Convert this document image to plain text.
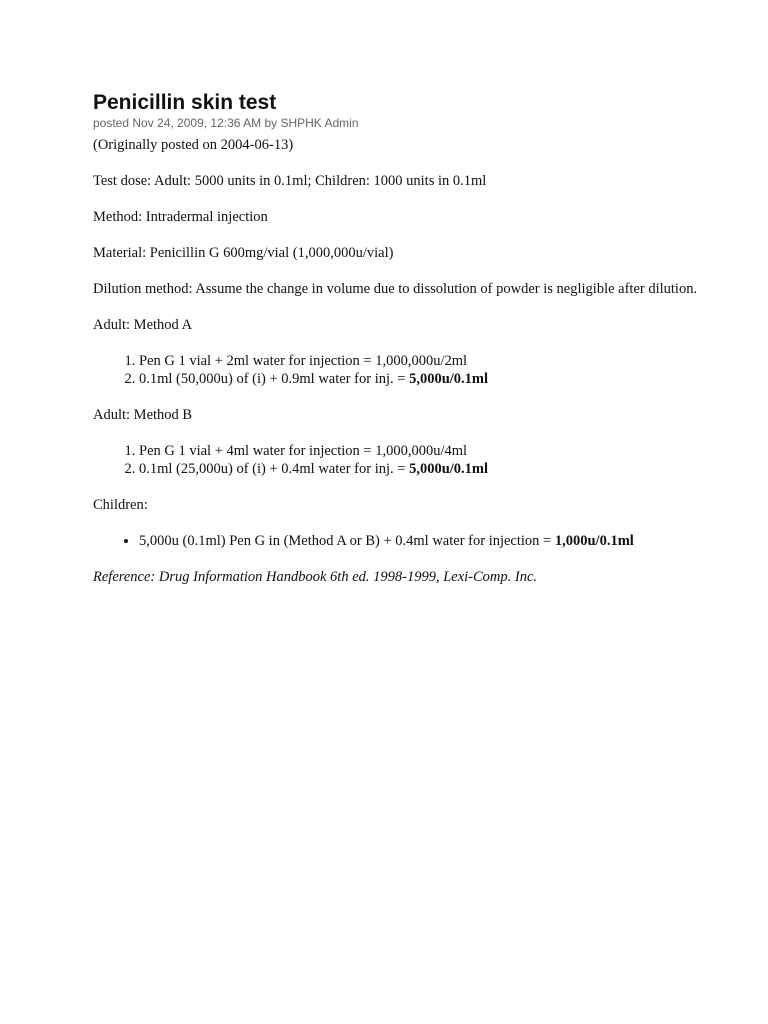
Penicillin skin test
posted Nov 24, 2009, 12:36 AM by SHPHK Admin

(Originally posted on 2004-06-13)

Test dose: Adult: 5000 units in 0.1ml; Children: 1000 units in 0.1ml

Method: Intradermal injection

Material: Penicillin G 600mg/vial (1,000,000u/vial)

Dilution method: Assume the change in volume due to dissolution of powder is negligible after dilution.

Adult: Method A

1. Pen G 1 vial + 2ml water for injection = 1,000,000u/2ml
2. 0.1ml (50,000u) of (i) + 0.9ml water for inj. = 5,000u/0.1ml

Adult: Method B

1. Pen G 1 vial + 4ml water for injection = 1,000,000u/4ml
2. 0.1ml (25,000u) of (i) + 0.4ml water for inj. = 5,000u/0.1ml

Children:

• 5,000u (0.1ml) Pen G in (Method A or B) + 0.4ml water for injection = 1,000u/0.1ml

Reference: Drug Information Handbook 6th ed. 1998-1999, Lexi-Comp. Inc.
